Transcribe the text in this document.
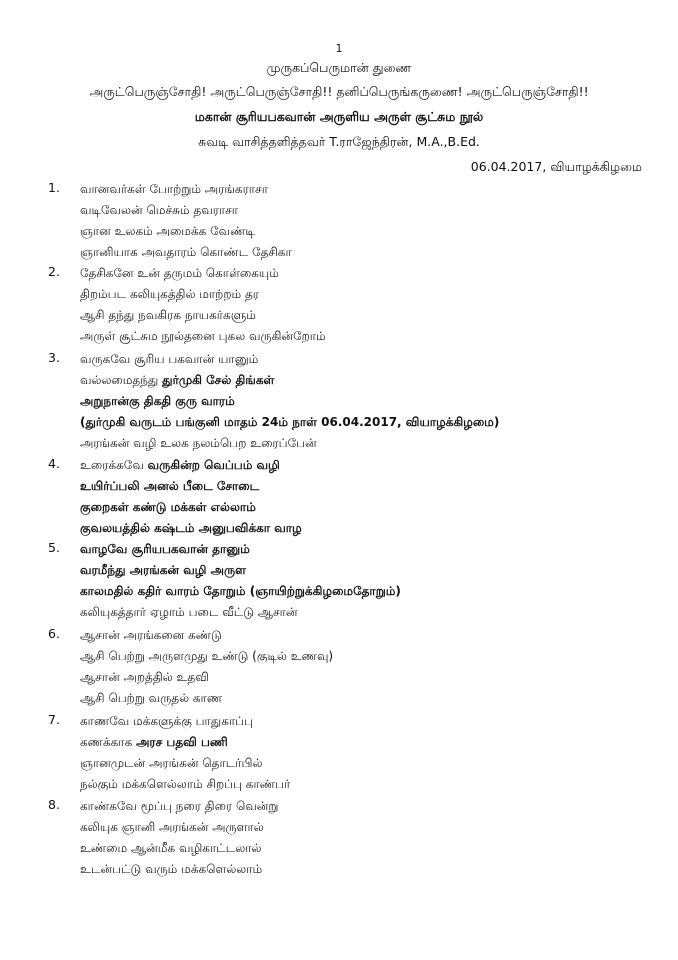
1
முருகப்பெருமான் துணை
அருட்பெருஞ்சோதி! அருட்பெருஞ்சோதி!! தனிப்பெருங்கருணை! அருட்பெருஞ்சோதி!!
மகான் சூரியபகவான் அருளிய அருள் சூட்சும நூல்
சுவடி வாசித்தளித்தவர் T.ராஜேந்திரன், M.A.,B.Ed.
06.04.2017, வியாழக்கிழமை
1. வானவர்கள் போற்றும் அரங்கராசா
வடிவேலன் மெச்சும் தவராசா
ஞான உலகம் அமைக்க வேண்டி
ஞானியாக அவதாரம் கொண்ட தேசிகா
2. தேசிகனே உன் தருமம் கொள்கையும்
திறம்பட கலியுகத்தில் மாற்றம் தர
ஆசி தந்து நவகிரக நாயகர்களும்
அருள் சூட்சும நூல்தனை புகல வருகின்றோம்
3. வருகவே சூரிய பகவான் யானும்
வல்லமைதந்து துர்முகி சேல் திங்கள்
அறுநான்கு திகதி குரு வாரம்
(துர்முகி வருடம் பங்குனி மாதம் 24ம் நாள் 06.04.2017, வியாழக்கிழமை)
அரங்கன் வழி உலக நலம்பெற உரைப்பேன்
4. உரைக்கவே வருகின்ற வெப்பம் வழி
உயிர்ப்பலி அனல் பீடை சோடை
குறைகள் கண்டு மக்கள் எல்லாம்
குவலயத்தில் கஷ்டம் அனுபவிக்கா வாழ
5. வாழவே சூரியபகவான் தானும்
வரமீந்து அரங்கன் வழி அருள
காலமதில் கதிர் வாரம் தோறும் (ஞாயிற்றுக்கிழமைதோறும்)
கலியுகத்தார் ஏழாம் படை வீட்டு ஆசான்
6. ஆசான் அரங்கனை கண்டு
ஆசி பெற்று அருளமுது உண்டு (குடில் உணவு)
ஆசான் அறத்தில் உதவி
ஆசி பெற்று வருதல் காண
7. காணவே மக்களுக்கு பாதுகாப்பு
கணக்காக அரச பதவி பணி
ஞானமுடன் அரங்கன் தொடர்பில்
நல்கும் மக்களெல்லாம் சிறப்பு காண்பர்
8. காண்கவே மூப்பு நரை திரை வென்று
கலியுக ஞானி அரங்கன் அருளால்
உண்மை ஆன்மீக வழிகாட்டலால்
உடன்பட்டு வரும் மக்களெல்லாம்
